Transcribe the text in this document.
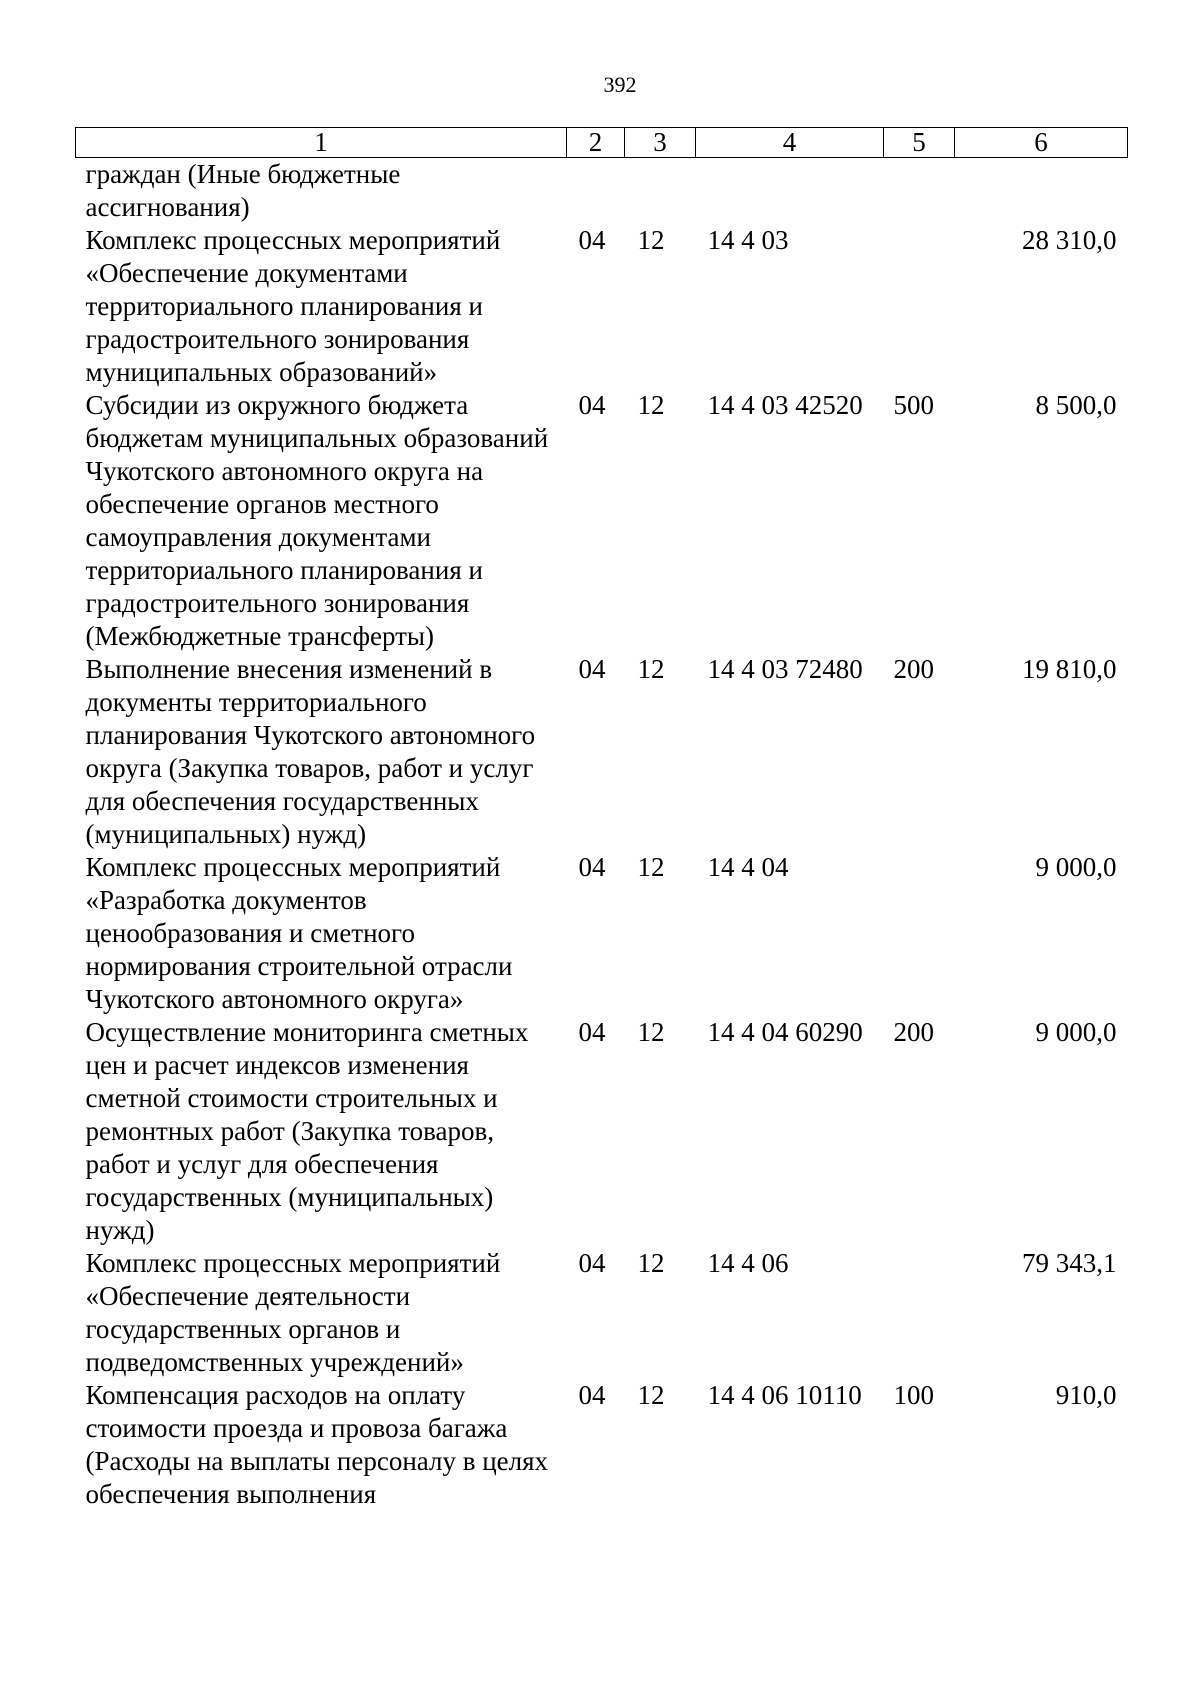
392
1	2	3	4	5	6
граждан (Иные бюджетные ассигнования)					
Комплекс процессных мероприятий «Обеспечение документами территориального планирования и градостроительного зонирования муниципальных образований»	04	12	14 4 03		28 310,0
Субсидии из окружного бюджета бюджетам муниципальных образований Чукотского автономного округа на обеспечение органов местного самоуправления документами территориального планирования и градостроительного зонирования (Межбюджетные трансферты)	04	12	14 4 03 42520	500	8 500,0
Выполнение внесения изменений в документы территориального планирования Чукотского автономного округа (Закупка товаров, работ и услуг для обеспечения государственных (муниципальных) нужд)	04	12	14 4 03 72480	200	19 810,0
Комплекс процессных мероприятий «Разработка документов ценообразования и сметного нормирования строительной отрасли Чукотского автономного округа»	04	12	14 4 04		9 000,0
Осуществление мониторинга сметных цен и расчет индексов изменения сметной стоимости строительных и ремонтных работ (Закупка товаров, работ и услуг для обеспечения государственных (муниципальных) нужд)	04	12	14 4 04 60290	200	9 000,0
Комплекс процессных мероприятий «Обеспечение деятельности государственных органов и подведомственных учреждений»	04	12	14 4 06		79 343,1
Компенсация расходов на оплату стоимости проезда и провоза багажа (Расходы на выплаты персоналу в целях обеспечения выполнения	04	12	14 4 06 10110	100	910,0
